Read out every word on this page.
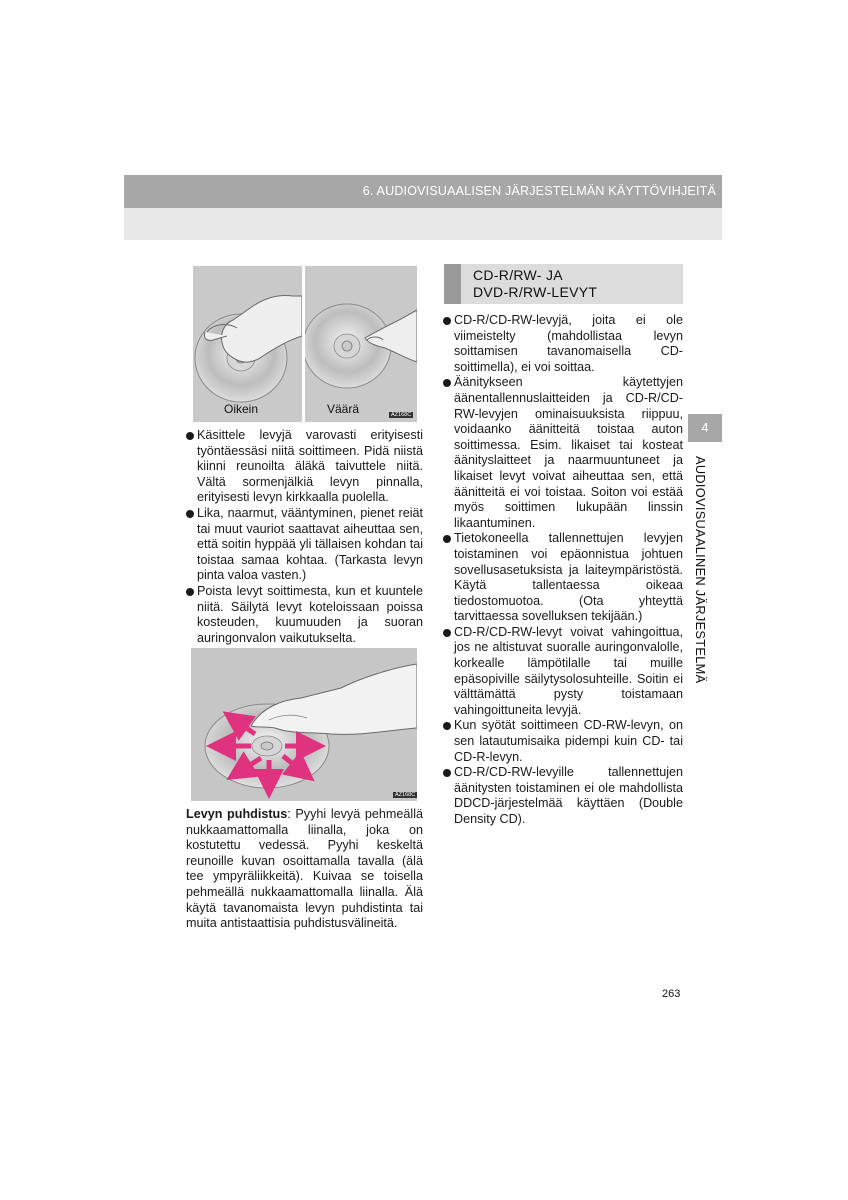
6. AUDIOVISUAALISEN JÄRJESTELMÄN KÄYTTÖVIHJEITÄ
Oikein	Väärä	AZ168C

Käsittele levyjä varovasti erityisesti työntäessäsi niitä soittimeen. Pidä niistä kiinni reunoilta äläkä taivuttele niitä. Vältä sormenjälkiä levyn pinnalla, erityisesti levyn kirkkaalla puolella.

Lika, naarmut, vääntyminen, pienet reiät tai muut vauriot saattavat aiheuttaa sen, että soitin hyppää yli tällaisen kohdan tai toistaa samaa kohtaa. (Tarkasta levyn pinta valoa vasten.)

Poista levyt soittimesta, kun et kuuntele niitä. Säilytä levyt koteloissaan poissa kosteuden, kuumuuden ja suoran auringonvalon vaikutukselta.

AZ168C

Levyn puhdistus: Pyyhi levyä pehmeällä nukkaamattomalla liinalla, joka on kostutettu vedessä. Pyyhi keskeltä reunoille kuvan osoittamalla tavalla (älä tee ympyräliikkeitä). Kuivaa se toisella pehmeällä nukkaamattomalla liinalla. Älä käytä tavanomaista levyn puhdistinta tai muita antistaattisia puhdistusvälineitä.

CD-R/RW- JA
DVD-R/RW-LEVYT

CD-R/CD-RW-levyjä, joita ei ole viimeistelty (mahdollistaa levyn soittamisen tavanomaisella CD-soittimella), ei voi soittaa.

Äänitykseen käytettyjen äänentallennuslaitteiden ja CD-R/CD-RW-levyjen ominaisuuksista riippuu, voidaanko äänitteitä toistaa auton soittimessa. Esim. likaiset tai kosteat äänityslaitteet ja naarmuuntuneet ja likaiset levyt voivat aiheuttaa sen, että äänitteitä ei voi toistaa. Soiton voi estää myös soittimen lukupään linssin likaantuminen.

Tietokoneella tallennettujen levyjen toistaminen voi epäonnistua johtuen sovellusasetuksista ja laiteympäristöstä. Käytä tallentaessa oikeaa tiedostomuotoa. (Ota yhteyttä tarvittaessa sovelluksen tekijään.)

CD-R/CD-RW-levyt voivat vahingoittua, jos ne altistuvat suoralle auringonvalolle, korkealle lämpötilalle tai muille epäsopiville säilytysolosuhteille. Soitin ei välttämättä pysty toistamaan vahingoittuneita levyjä.

Kun syötät soittimeen CD-RW-levyn, on sen latautumisaika pidempi kuin CD- tai CD-R-levyn.

CD-R/CD-RW-levyille tallennettujen äänitysten toistaminen ei ole mahdollista DDCD-järjestelmää käyttäen (Double Density CD).

4
AUDIOVISUAALINEN JÄRJESTELMÄ
263
